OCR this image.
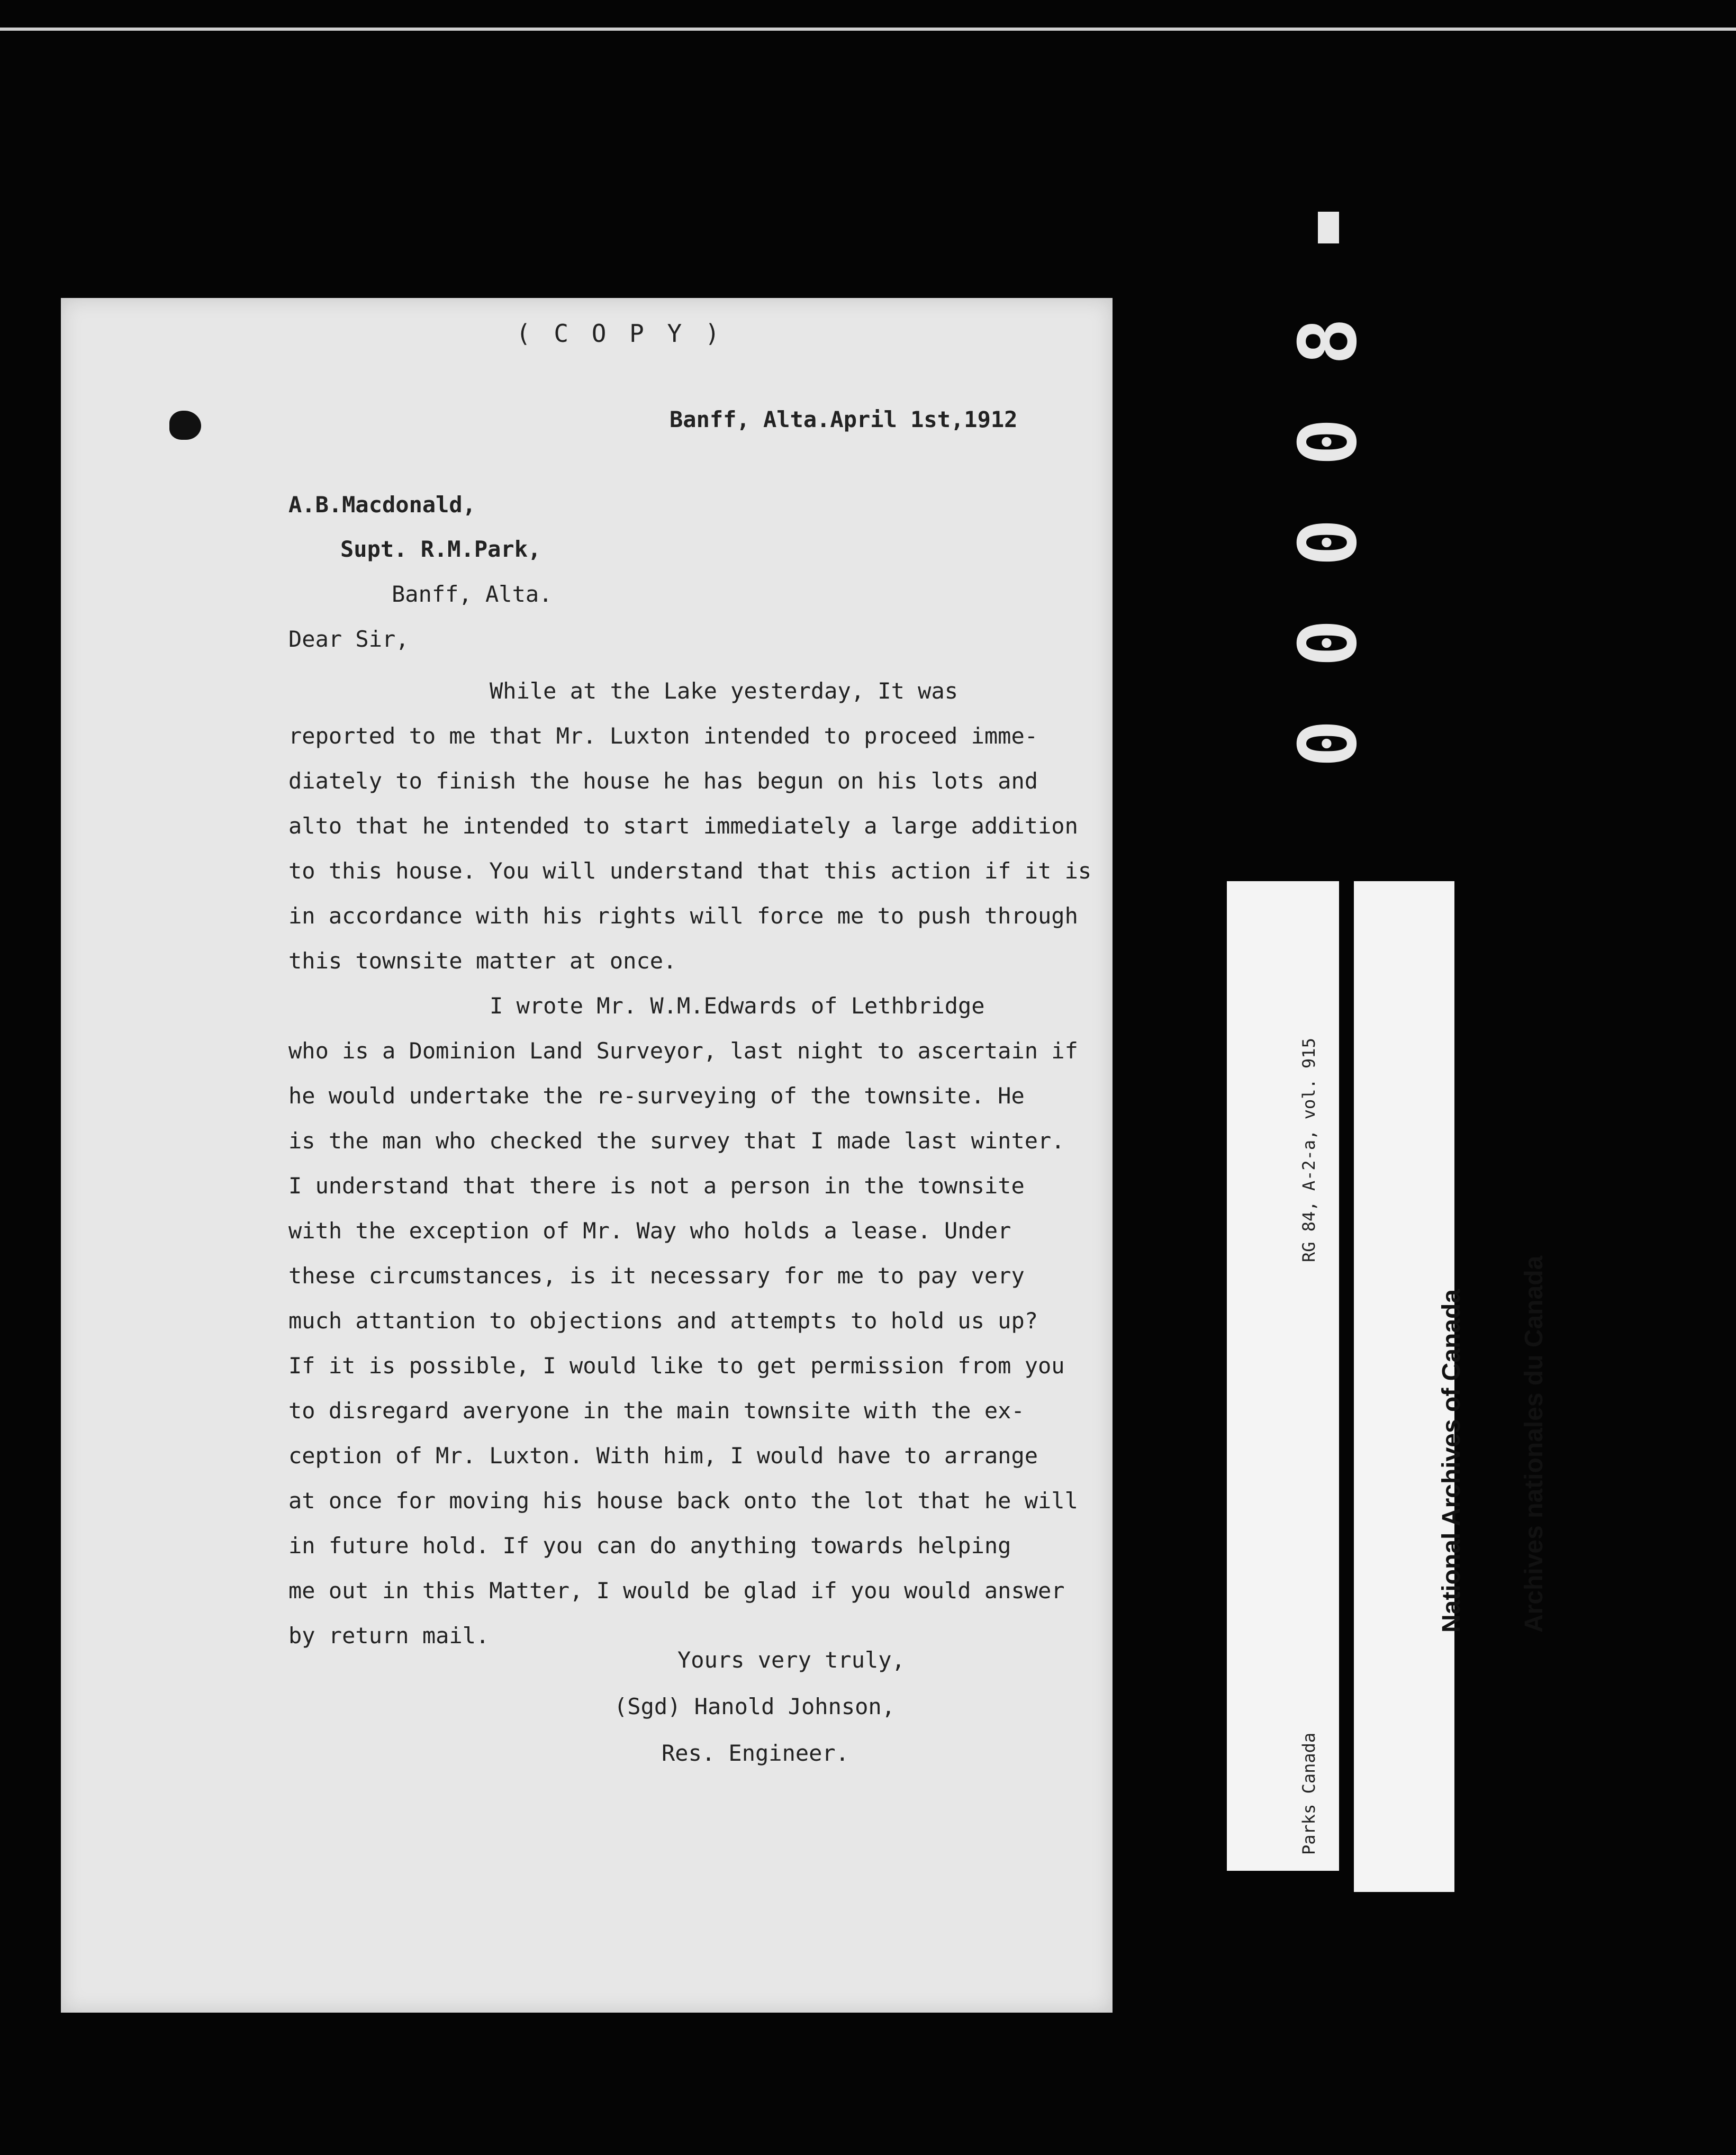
8
0
0
0
0
( C O P Y )
Banff, Alta.April 1st,1912
A.B.Macdonald,
Supt. R.M.Park,
Banff, Alta.
Dear Sir,
While at the Lake yesterday, It was
reported to me that Mr. Luxton intended to proceed imme-
diately to finish the house he has begun on his lots and
alto that he intended to start immediately a large addition
to this house. You will understand that this action if it is
in accordance with his rights will force me to push through
this townsite matter at once.
I wrote Mr. W.M.Edwards of Lethbridge
who is a Dominion Land Surveyor, last night to ascertain if
he would undertake the re-surveying of the townsite. He
is the man who checked the survey that I made last winter.
I understand that there is not a person in the townsite
with the exception of Mr. Way who holds a lease. Under
these circumstances, is it necessary for me to pay very
much attantion to objections and attempts to hold us up?
If it is possible, I would like to get permission from you
to disregard averyone in the main townsite with the ex-
ception of Mr. Luxton. With him, I would have to arrange
at once for moving his house back onto the lot that he will
in future hold. If you can do anything towards helping
me out in this Matter, I would be glad if you would answer
by return mail.
Yours very truly,
(Sgd) Hanold Johnson,
Res. Engineer.

RG 84, A-2-a, vol. 915

Parks Canada

National Archives of Canada

Archives nationales du Canada
